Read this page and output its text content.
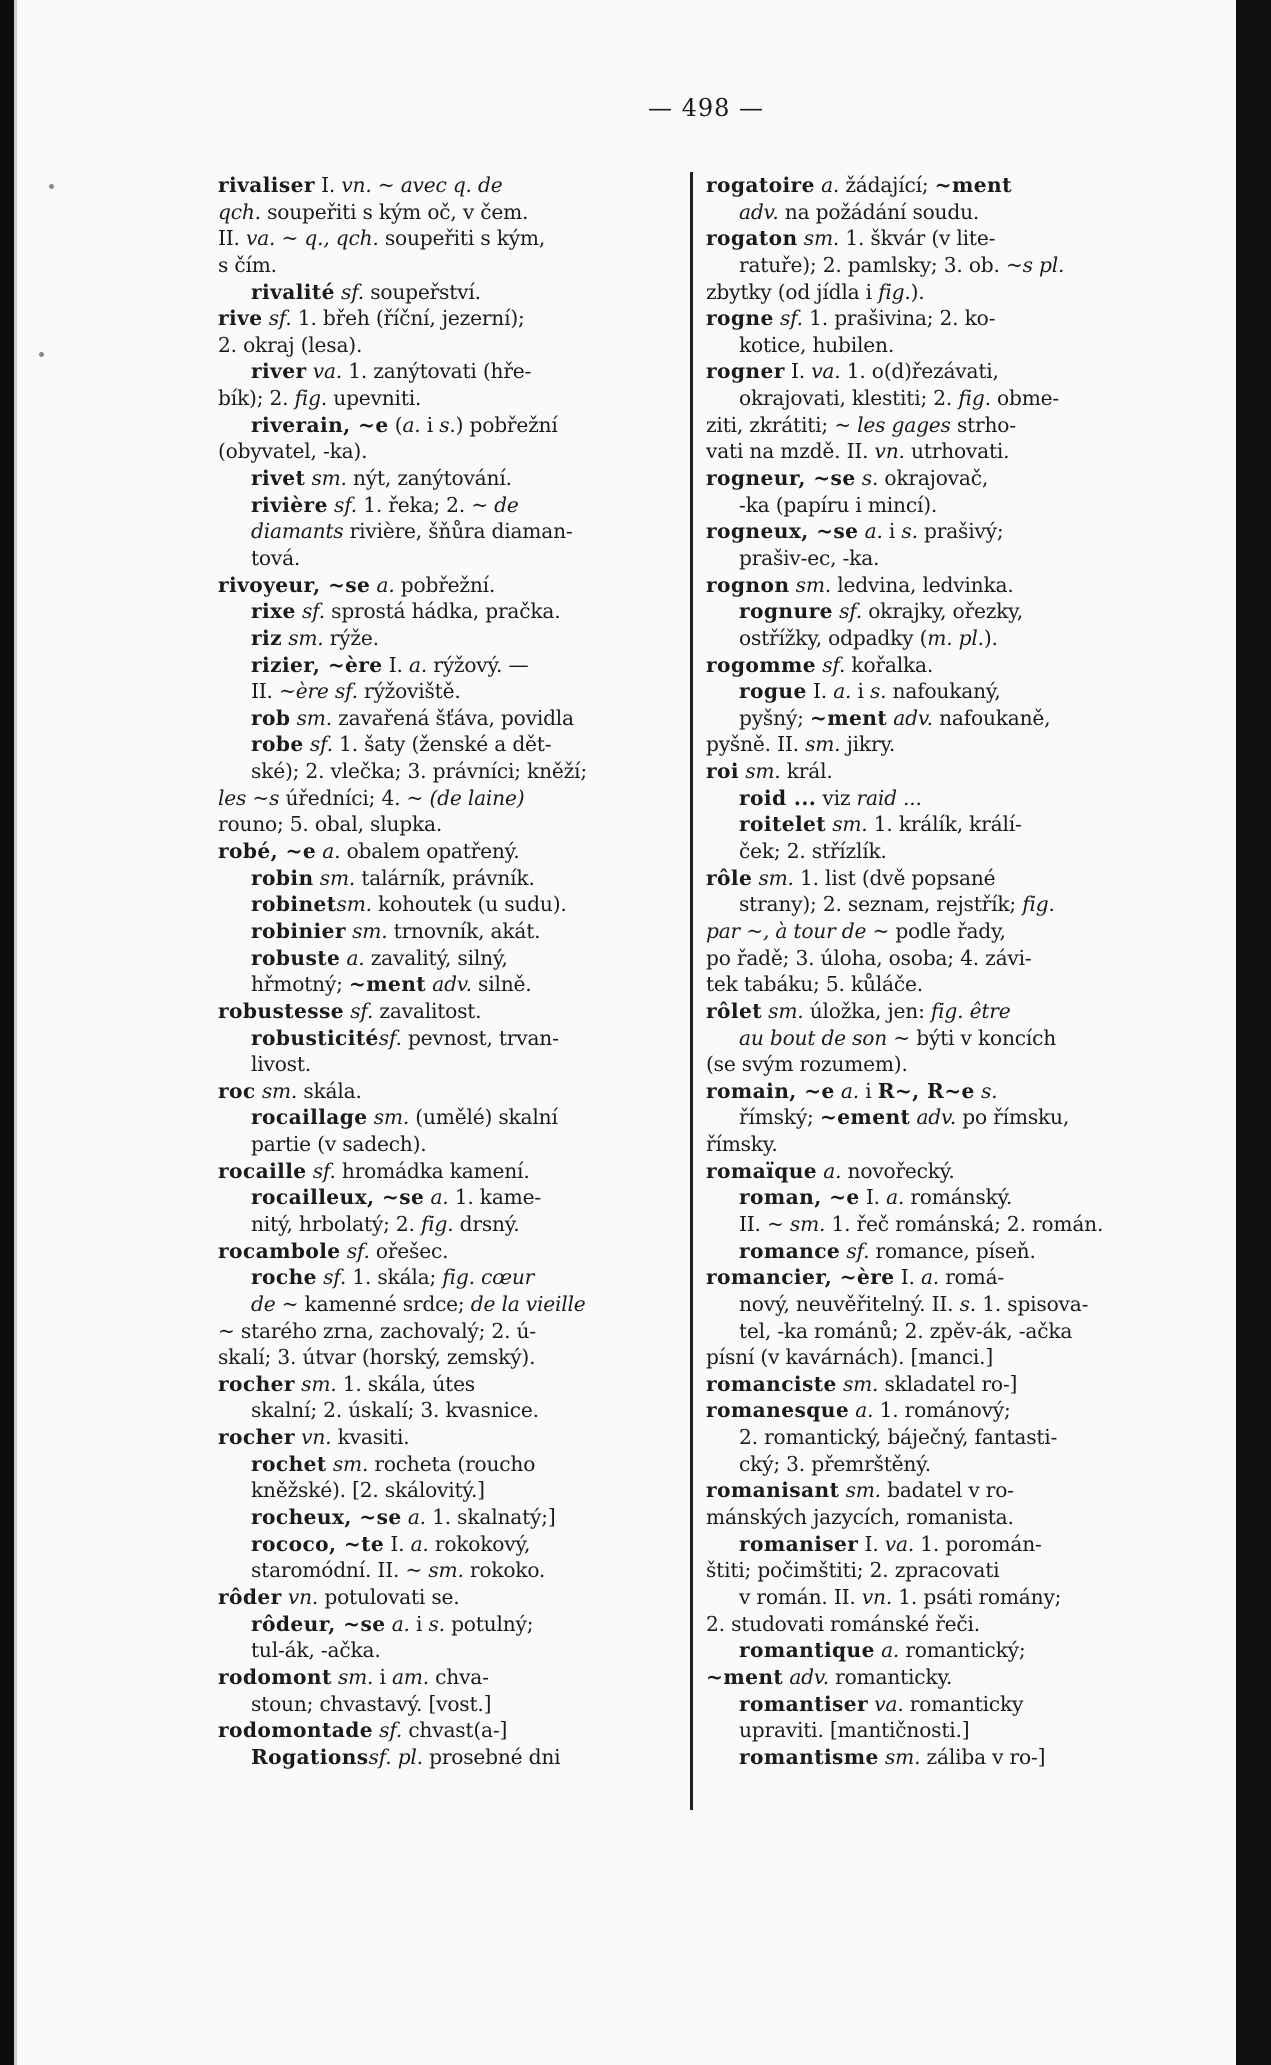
— 498 —
rivaliser I. vn. ~ avec q. de
qch. soupeřiti s kým oč, v čem.
II. va. ~ q., qch. soupeřiti s kým,
s čím.
rivalité sf. soupeřství.
rive sf. 1. břeh (říční, jezerní);
2. okraj (lesa).
river va. 1. zanýtovati (hře-
bík); 2. fig. upevniti.
riverain, ~e (a. i s.) pobřežní
(obyvatel, -ka).
rivet sm. nýt, zanýtování.
rivière sf. 1. řeka; 2. ~ de
diamants rivière, šňůra diaman-
tová.
rivoyeur, ~se a. pobřežní.
rixe sf. sprostá hádka, pračka.
riz sm. rýže.
rizier, ~ère I. a. rýžový. —
II. ~ère sf. rýžoviště.
rob sm. zavařená šťáva, povidla
robe sf. 1. šaty (ženské a dět-
ské); 2. vlečka; 3. právníci; kněží;
les ~s úředníci; 4. ~ (de laine)
rouno; 5. obal, slupka.
robé, ~e a. obalem opatřený.
robin sm. talárník, právník.
robinetsm. kohoutek (u sudu).
robinier sm. trnovník, akát.
robuste a. zavalitý, silný,
hřmotný; ~ment adv. silně.
robustesse sf. zavalitost.
robusticitésf. pevnost, trvan-
livost.
roc sm. skála.
rocaillage sm. (umělé) skalní
partie (v sadech).
rocaille sf. hromádka kamení.
rocailleux, ~se a. 1. kame-
nitý, hrbolatý; 2. fig. drsný.
rocambole sf. ořešec.
roche sf. 1. skála; fig. cœur
de ~ kamenné srdce; de la vieille
~ starého zrna, zachovalý; 2. ú-
skalí; 3. útvar (horský, zemský).
rocher sm. 1. skála, útes
skalní; 2. úskalí; 3. kvasnice.
rocher vn. kvasiti.
rochet sm. rocheta (roucho
kněžské). [2. skálovitý.]
rocheux, ~se a. 1. skalnatý;]
rococo, ~te I. a. rokokový,
staromódní. II. ~ sm. rokoko.
rôder vn. potulovati se.
rôdeur, ~se a. i s. potulný;
tul-ák, -ačka.
rodomont sm. i am. chva-
stoun; chvastavý. [vost.]
rodomontade sf. chvast(a-]
Rogationssf. pl. prosebné dni
rogatoire a. žádající; ~ment
adv. na požádání soudu.
rogaton sm. 1. škvár (v lite-
ratuře); 2. pamlsky; 3. ob. ~s pl.
zbytky (od jídla i fig.).
rogne sf. 1. prašivina; 2. ko-
kotice, hubilen.
rogner I. va. 1. o(d)řezávati,
okrajovati, klestiti; 2. fig. obme-
ziti, zkrátiti; ~ les gages strho-
vati na mzdě. II. vn. utrhovati.
rogneur, ~se s. okrajovač,
-ka (papíru i mincí).
rogneux, ~se a. i s. prašivý;
prašiv-ec, -ka.
rognon sm. ledvina, ledvinka.
rognure sf. okrajky, ořezky,
ostřížky, odpadky (m. pl.).
rogomme sf. kořalka.
rogue I. a. i s. nafoukaný,
pyšný; ~ment adv. nafoukaně,
pyšně. II. sm. jikry.
roi sm. král.
roid ... viz raid ...
roitelet sm. 1. králík, králí-
ček; 2. střízlík.
rôle sm. 1. list (dvě popsané
strany); 2. seznam, rejstřík; fig.
par ~, à tour de ~ podle řady,
po řadě; 3. úloha, osoba; 4. závi-
tek tabáku; 5. kůláče.
rôlet sm. úložka, jen: fig. être
au bout de son ~ býti v koncích
(se svým rozumem).
romain, ~e a. i R~, R~e s.
římský; ~ement adv. po římsku,
římsky.
romaïque a. novořecký.
roman, ~e I. a. románský.
II. ~ sm. 1. řeč románská; 2. román.
romance sf. romance, píseň.
romancier, ~ère I. a. romá-
nový, neuvěřitelný. II. s. 1. spisova-
tel, -ka románů; 2. zpěv-ák, -ačka
písní (v kavárnách). [manci.]
romanciste sm. skladatel ro-]
romanesque a. 1. románový;
2. romantický, báječný, fantasti-
cký; 3. přemrštěný.
romanisant sm. badatel v ro-
mánských jazycích, romanista.
romaniser I. va. 1. poromán-
štiti; počimštiti; 2. zpracovati
v román. II. vn. 1. psáti romány;
2. studovati románské řeči.
romantique a. romantický;
~ment adv. romanticky.
romantiser va. romanticky
upraviti. [mantičnosti.]
romantisme sm. záliba v ro-]
